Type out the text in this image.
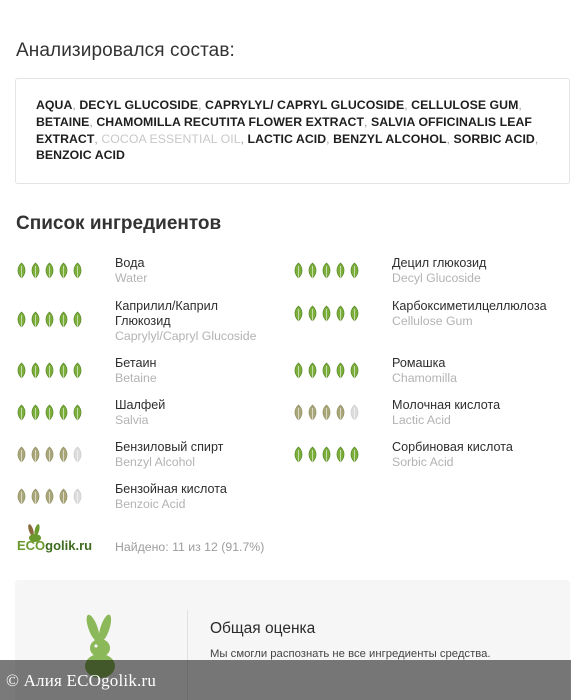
Анализировался состав:
AQUA, DECYL GLUCOSIDE, CAPRYLYL/ CAPRYL GLUCOSIDE, CELLULOSE GUM, BETAINE, CHAMOMILLA RECUTITA FLOWER EXTRACT, SALVIA OFFICINALIS LEAF EXTRACT, COCOA ESSENTIAL OIL, LACTIC ACID, BENZYL ALCOHOL, SORBIC ACID, BENZOIC ACID
Список ингредиентов
Вода
Water
Децил глюкозид
Decyl Glucoside
Каприлил/Каприл Глюкозид
Caprylyl/Capryl Glucoside
Карбоксиметилцеллюлоза
Cellulose Gum
Бетаин
Betaine
Ромашка
Chamomilla
Шалфей
Salvia
Молочная кислота
Lactic Acid
Бензиловый спирт
Benzyl Alcohol
Сорбиновая кислота
Sorbic Acid
Бензойная кислота
Benzoic Acid
ECOgolik.ru Найдено: 11 из 12 (91.7%)
Общая оценка
Мы смогли распознать не все ингредиенты средства.
© Алия ECOgolik.ru
